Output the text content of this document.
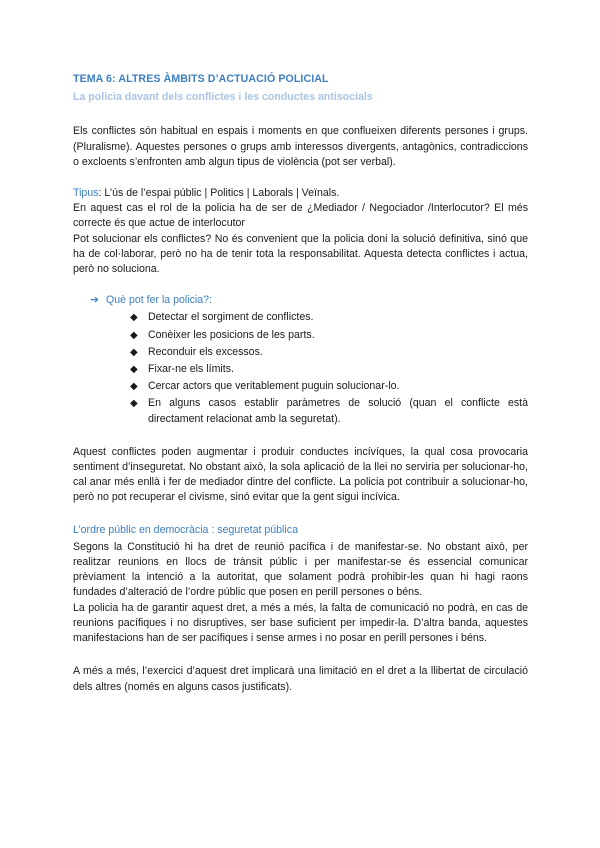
TEMA 6: ALTRES ÀMBITS D’ACTUACIÓ POLICIAL
La policia davant dels conflictes i les conductes antisocials

Els conflictes són habitual en espais i moments en que conflueixen diferents persones i grups. (Pluralisme). Aquestes persones o grups amb interessos divergents, antagònics, contradiccions o excloents s’enfronten amb algun tipus de violència (pot ser verbal).

Tipus: L’ús de l’espai públic | Politics | Laborals | Veïnals.

En aquest cas el rol de la policia ha de ser de ¿Mediador / Negociador /Interlocutor? El més correcte és que actue de interlocutor

Pot solucionar els conflictes? No és convenient que la policia doni la solució definitiva, sinó que ha de col·laborar, però no ha de tenir tota la responsabilitat. Aquesta detecta conflictes i actua, però no soluciona.

➔ Què pot fer la policia?:
◆ Detectar el sorgiment de conflictes.
◆ Conèixer les posicions de les parts.
◆ Reconduir els excessos.
◆ Fixar-ne els límits.
◆ Cercar actors que veritablement puguin solucionar-lo.
◆ En alguns casos establir paràmetres de solució (quan el conflicte està directament relacionat amb la seguretat).

Aquest conflictes poden augmentar i produir conductes incívíques, la qual cosa provocaria sentiment d’inseguretat. No obstant això, la sola aplicació de la llei no serviria per solucionar-ho, cal anar més enllà i fer de mediador dintre del conflicte. La policia pot contribuir a solucionar-ho, però no pot recuperar el civisme, sinó evitar que la gent sigui incívica.

L’ordre públic en democràcia : seguretat pública

Segons la Constitució hi ha dret de reunió pacífica i de manifestar-se. No obstant això, per realitzar reunions en llocs de trànsit públic i per manifestar-se és essencial comunicar prèviament la intenció a la autoritat, que solament podrà prohibir-les quan hi hagi raons fundades d’alteració de l’ordre públic que posen en perill persones o béns.

La policia ha de garantir aquest dret, a més a més, la falta de comunicació no podrà, en cas de reunions pacífiques i no disruptives, ser base suficient per impedir-la. D’altra banda, aquestes manifestacions han de ser pacífiques i sense armes i no posar en perill persones i béns.

A més a més, l’exercici d’aquest dret implicarà una limitació en el dret a la llibertat de circulació dels altres (només en alguns casos justificats).
